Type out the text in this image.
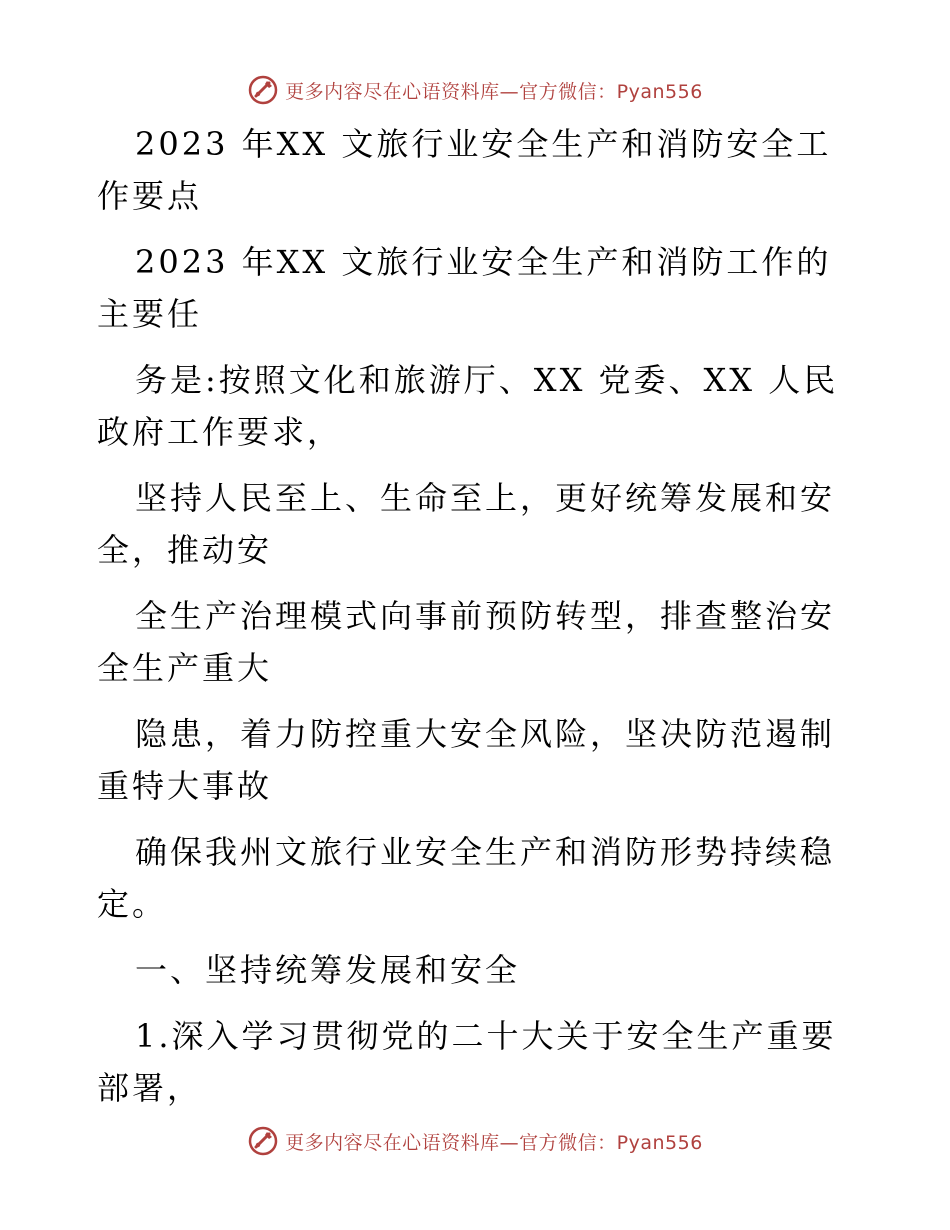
更多内容尽在心语资料库—官方微信：Pyan556

2023 年XX 文旅行业安全生产和消防安全工作要点

2023 年XX 文旅行业安全生产和消防工作的主要任

务是:按照文化和旅游厅、XX 党委、XX 人民政府工作要求，

坚持人民至上、生命至上，更好统筹发展和安全，推动安

全生产治理模式向事前预防转型，排查整治安全生产重大

隐患，着力防控重大安全风险，坚决防范遏制重特大事故

确保我州文旅行业安全生产和消防形势持续稳定。

一、坚持统筹发展和安全

1.深入学习贯彻党的二十大关于安全生产重要部署，

更多内容尽在心语资料库—官方微信：Pyan556
